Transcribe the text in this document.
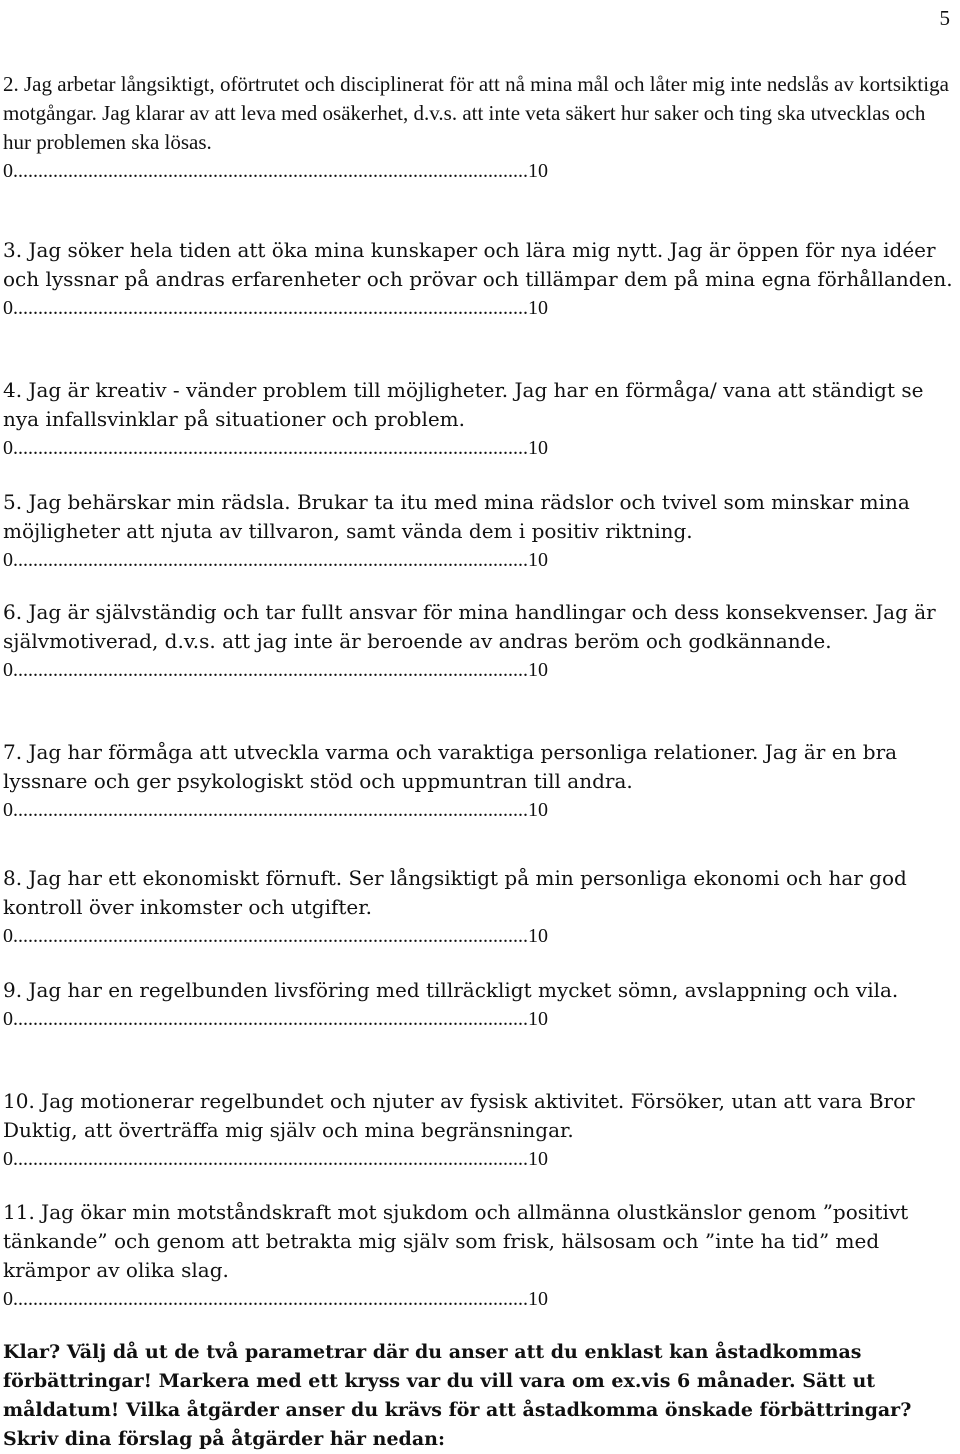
5

2. Jag arbetar långsiktigt, oförtrutet och disciplinerat för att nå mina mål och låter mig inte nedslås av kortsiktiga motgångar. Jag klarar av att leva med osäkerhet, d.v.s. att inte veta säkert hur saker och ting ska utvecklas och hur problemen ska lösas.

0.......................................................................................................10

3. Jag söker hela tiden att öka mina kunskaper och lära mig nytt. Jag är öppen för nya idéer och lyssnar på andras erfarenheter och prövar och tillämpar dem på mina egna förhållanden.

0.......................................................................................................10

4. Jag är kreativ - vänder problem till möjligheter. Jag har en förmåga/ vana att ständigt se nya infallsvinklar på situationer och problem.

0.......................................................................................................10

5. Jag behärskar min rädsla. Brukar ta itu med mina rädslor och tvivel som minskar mina möjligheter att njuta av tillvaron, samt vända dem i positiv riktning.

0.......................................................................................................10

6. Jag är självständig och tar fullt ansvar för mina handlingar och dess konsekvenser. Jag är självmotiverad, d.v.s. att jag inte är beroende av andras beröm och godkännande.

0.......................................................................................................10

7. Jag har förmåga att utveckla varma och varaktiga personliga relationer. Jag är en bra lyssnare och ger psykologiskt stöd och uppmuntran till andra.

0.......................................................................................................10

8. Jag har ett ekonomiskt förnuft. Ser långsiktigt på min personliga ekonomi och har god kontroll över inkomster och utgifter.

0.......................................................................................................10

9. Jag har en regelbunden livsföring med tillräckligt mycket sömn, avslappning och vila.

0.......................................................................................................10

10. Jag motionerar regelbundet och njuter av fysisk aktivitet. Försöker, utan att vara Bror Duktig, att överträffa mig själv och mina begränsningar.

0.......................................................................................................10

11. Jag ökar min motståndskraft mot sjukdom och allmänna olustkänslor genom ”positivt tänkande” och genom att betrakta mig själv som frisk, hälsosam och ”inte ha tid” med krämpor av olika slag.

0.......................................................................................................10

Klar? Välj då ut de två parametrar där du anser att du enklast kan åstadkommas förbättringar! Markera med ett kryss var du vill vara om ex.vis 6 månader. Sätt ut måldatum! Vilka åtgärder anser du krävs för att åstadkomma önskade förbättringar? Skriv dina förslag på åtgärder här nedan:
